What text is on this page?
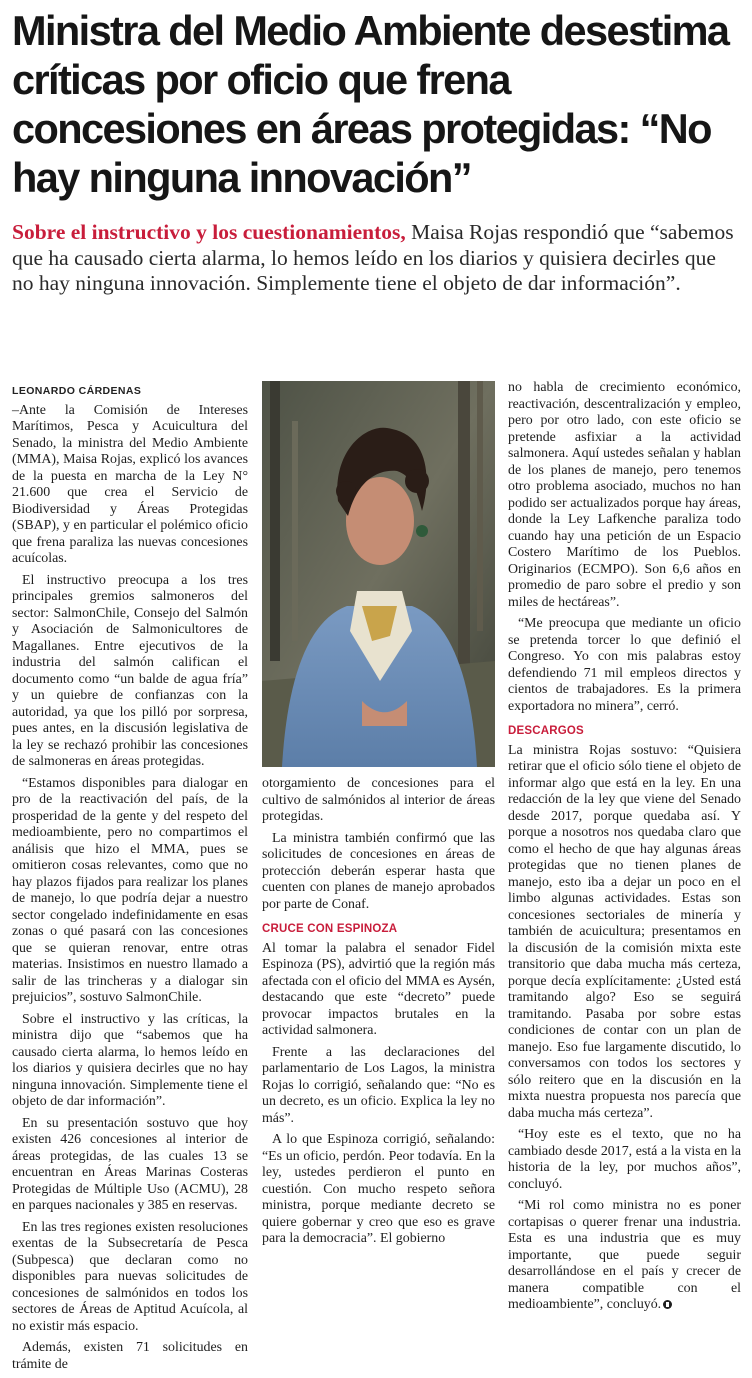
Ministra del Medio Ambiente desestima críticas por oficio que frena concesiones en áreas protegidas: “No hay ninguna innovación”

Sobre el instructivo y los cuestionamientos, Maisa Rojas respondió que “sabemos que ha causado cierta alarma, lo hemos leído en los diarios y quisiera decirles que no hay ninguna innovación. Simplemente tiene el objeto de dar información”.

LEONARDO CÁRDENAS

–Ante la Comisión de Intereses Marítimos, Pesca y Acuicultura del Senado, la ministra del Medio Ambiente (MMA), Maisa Rojas, explicó los avances de la puesta en marcha de la Ley N° 21.600 que crea el Servicio de Biodiversidad y Áreas Protegidas (SBAP), y en particular el polémico oficio que frena paraliza las nuevas concesiones acuícolas.

El instructivo preocupa a los tres principales gremios salmoneros del sector: SalmonChile, Consejo del Salmón y Asociación de Salmonicultores de Magallanes. Entre ejecutivos de la industria del salmón califican el documento como “un balde de agua fría” y un quiebre de confianzas con la autoridad, ya que los pilló por sorpresa, pues antes, en la discusión legislativa de la ley se rechazó prohibir las concesiones de salmoneras en áreas protegidas.

“Estamos disponibles para dialogar en pro de la reactivación del país, de la prosperidad de la gente y del respeto del medioambiente, pero no compartimos el análisis que hizo el MMA, pues se omitieron cosas relevantes, como que no hay plazos fijados para realizar los planes de manejo, lo que podría dejar a nuestro sector congelado indefinidamente en esas zonas o qué pasará con las concesiones que se quieran renovar, entre otras materias. Insistimos en nuestro llamado a salir de las trincheras y a dialogar sin prejuicios”, sostuvo SalmonChile.

Sobre el instructivo y las críticas, la ministra dijo que “sabemos que ha causado cierta alarma, lo hemos leído en los diarios y quisiera decirles que no hay ninguna innovación. Simplemente tiene el objeto de dar información”.

En su presentación sostuvo que hoy existen 426 concesiones al interior de áreas protegidas, de las cuales 13 se encuentran en Áreas Marinas Costeras Protegidas de Múltiple Uso (ACMU), 28 en parques nacionales y 385 en reservas.

En las tres regiones existen resoluciones exentas de la Subsecretaría de Pesca (Subpesca) que declaran como no disponibles para nuevas solicitudes de concesiones de salmónidos en todos los sectores de Áreas de Aptitud Acuícola, al no existir más espacio.

Además, existen 71 solicitudes en trámite de

otorgamiento de concesiones para el cultivo de salmónidos al interior de áreas protegidas.

La ministra también confirmó que las solicitudes de concesiones en áreas de protección deberán esperar hasta que cuenten con planes de manejo aprobados por parte de Conaf.

CRUCE CON ESPINOZA

Al tomar la palabra el senador Fidel Espinoza (PS), advirtió que la región más afectada con el oficio del MMA es Aysén, destacando que este “decreto” puede provocar impactos brutales en la actividad salmonera.

Frente a las declaraciones del parlamentario de Los Lagos, la ministra Rojas lo corrigió, señalando que: “No es un decreto, es un oficio. Explica la ley no más”.

A lo que Espinoza corrigió, señalando: “Es un oficio, perdón. Peor todavía. En la ley, ustedes perdieron el punto en cuestión. Con mucho respeto señora ministra, porque mediante decreto se quiere gobernar y creo que eso es grave para la democracia”. El gobierno

no habla de crecimiento económico, reactivación, descentralización y empleo, pero por otro lado, con este oficio se pretende asfixiar a la actividad salmonera. Aquí ustedes señalan y hablan de los planes de manejo, pero tenemos otro problema asociado, muchos no han podido ser actualizados porque hay áreas, donde la Ley Lafkenche paraliza todo cuando hay una petición de un Espacio Costero Marítimo de los Pueblos. Originarios (ECMPO). Son 6,6 años en promedio de paro sobre el predio y son miles de hectáreas”.

“Me preocupa que mediante un oficio se pretenda torcer lo que definió el Congreso. Yo con mis palabras estoy defendiendo 71 mil empleos directos y cientos de trabajadores. Es la primera exportadora no minera”, cerró.

DESCARGOS

La ministra Rojas sostuvo: “Quisiera retirar que el oficio sólo tiene el objeto de informar algo que está en la ley. En una redacción de la ley que viene del Senado desde 2017, porque quedaba así. Y porque a nosotros nos quedaba claro que como el hecho de que hay algunas áreas protegidas que no tienen planes de manejo, esto iba a dejar un poco en el limbo algunas actividades. Estas son concesiones sectoriales de minería y también de acuicultura; presentamos en la discusión de la comisión mixta este transitorio que daba mucha más certeza, porque decía explícitamente: ¿Usted está tramitando algo? Eso se seguirá tramitando. Pasaba por sobre estas condiciones de contar con un plan de manejo. Eso fue largamente discutido, lo conversamos con todos los sectores y sólo reitero que en la discusión en la mixta nuestra propuesta nos parecía que daba mucha más certeza”.

“Hoy este es el texto, que no ha cambiado desde 2017, está a la vista en la historia de la ley, por muchos años”, concluyó.

“Mi rol como ministra no es poner cortapisas o querer frenar una industria. Esta es una industria que es muy importante, que puede seguir desarrollándose en el país y crecer de manera compatible con el medioambiente”, concluyó.
